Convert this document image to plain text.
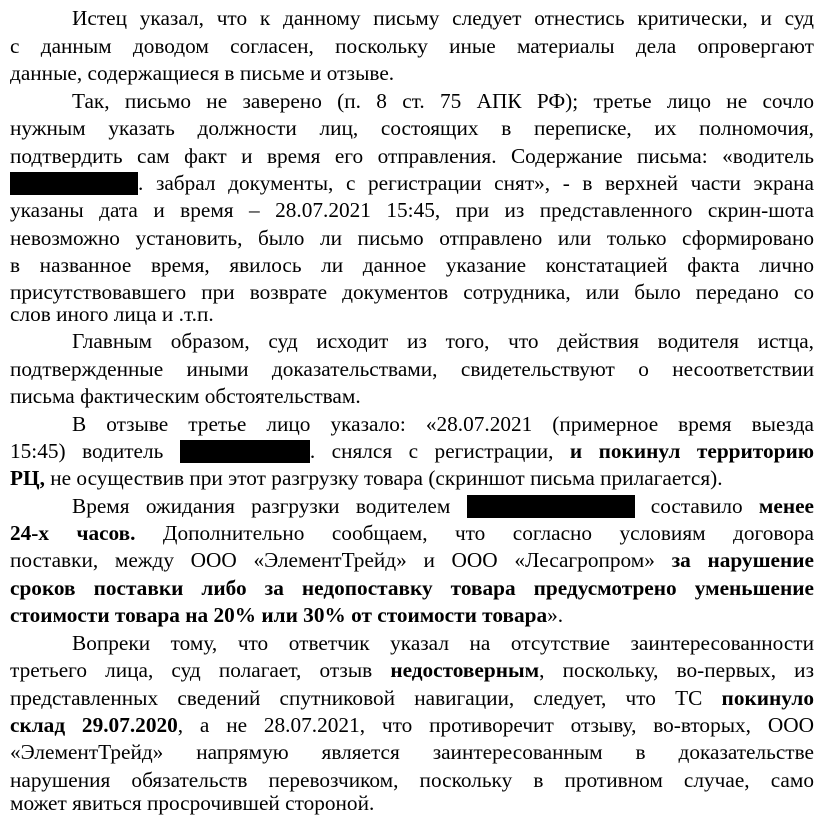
Истец указал, что к данному письму следует отнестись критически, и суд
с данным доводом согласен, поскольку иные материалы дела опровергают
данные, содержащиеся в письме и отзыве.
Так, письмо не заверено (п. 8 ст. 75 АПК РФ); третье лицо не сочло
нужным указать должности лиц, состоящих в переписке, их полномочия,
подтвердить сам факт и время его отправления. Содержание письма: «водитель
. забрал документы, с регистрации снят», - в верхней части экрана
указаны дата и время – 28.07.2021 15:45, при из представленного скрин-шота
невозможно установить, было ли письмо отправлено или только сформировано
в названное время, явилось ли данное указание констатацией факта лично
присутствовавшего при возврате документов сотрудника, или было передано со
слов иного лица и .т.п.
Главным образом, суд исходит из того, что действия водителя истца,
подтвержденные иными доказательствами, свидетельствуют о несоответствии
письма фактическим обстоятельствам.
В отзыве третье лицо указало: «28.07.2021 (примерное время выезда
15:45) водитель	. снялся с регистрации, и покинул территорию
РЦ, не осуществив при этот разгрузку товара (скриншот письма прилагается).
Время ожидания разгрузки водителем	составило менее
24-х часов. Дополнительно сообщаем, что согласно условиям договора
поставки, между ООО «ЭлементТрейд» и ООО «Лесагропром» за нарушение
сроков поставки либо за недопоставку товара предусмотрено уменьшение
стоимости товара на 20% или 30% от стоимости товара».
Вопреки тому, что ответчик указал на отсутствие заинтересованности
третьего лица, суд полагает, отзыв недостоверным, поскольку, во-первых, из
представленных сведений спутниковой навигации, следует, что ТС покинуло
склад 29.07.2020, а не 28.07.2021, что противоречит отзыву, во-вторых, ООО
«ЭлементТрейд» напрямую является заинтересованным в доказательстве
нарушения обязательств перевозчиком, поскольку в противном случае, само
может явиться просрочившей стороной.
